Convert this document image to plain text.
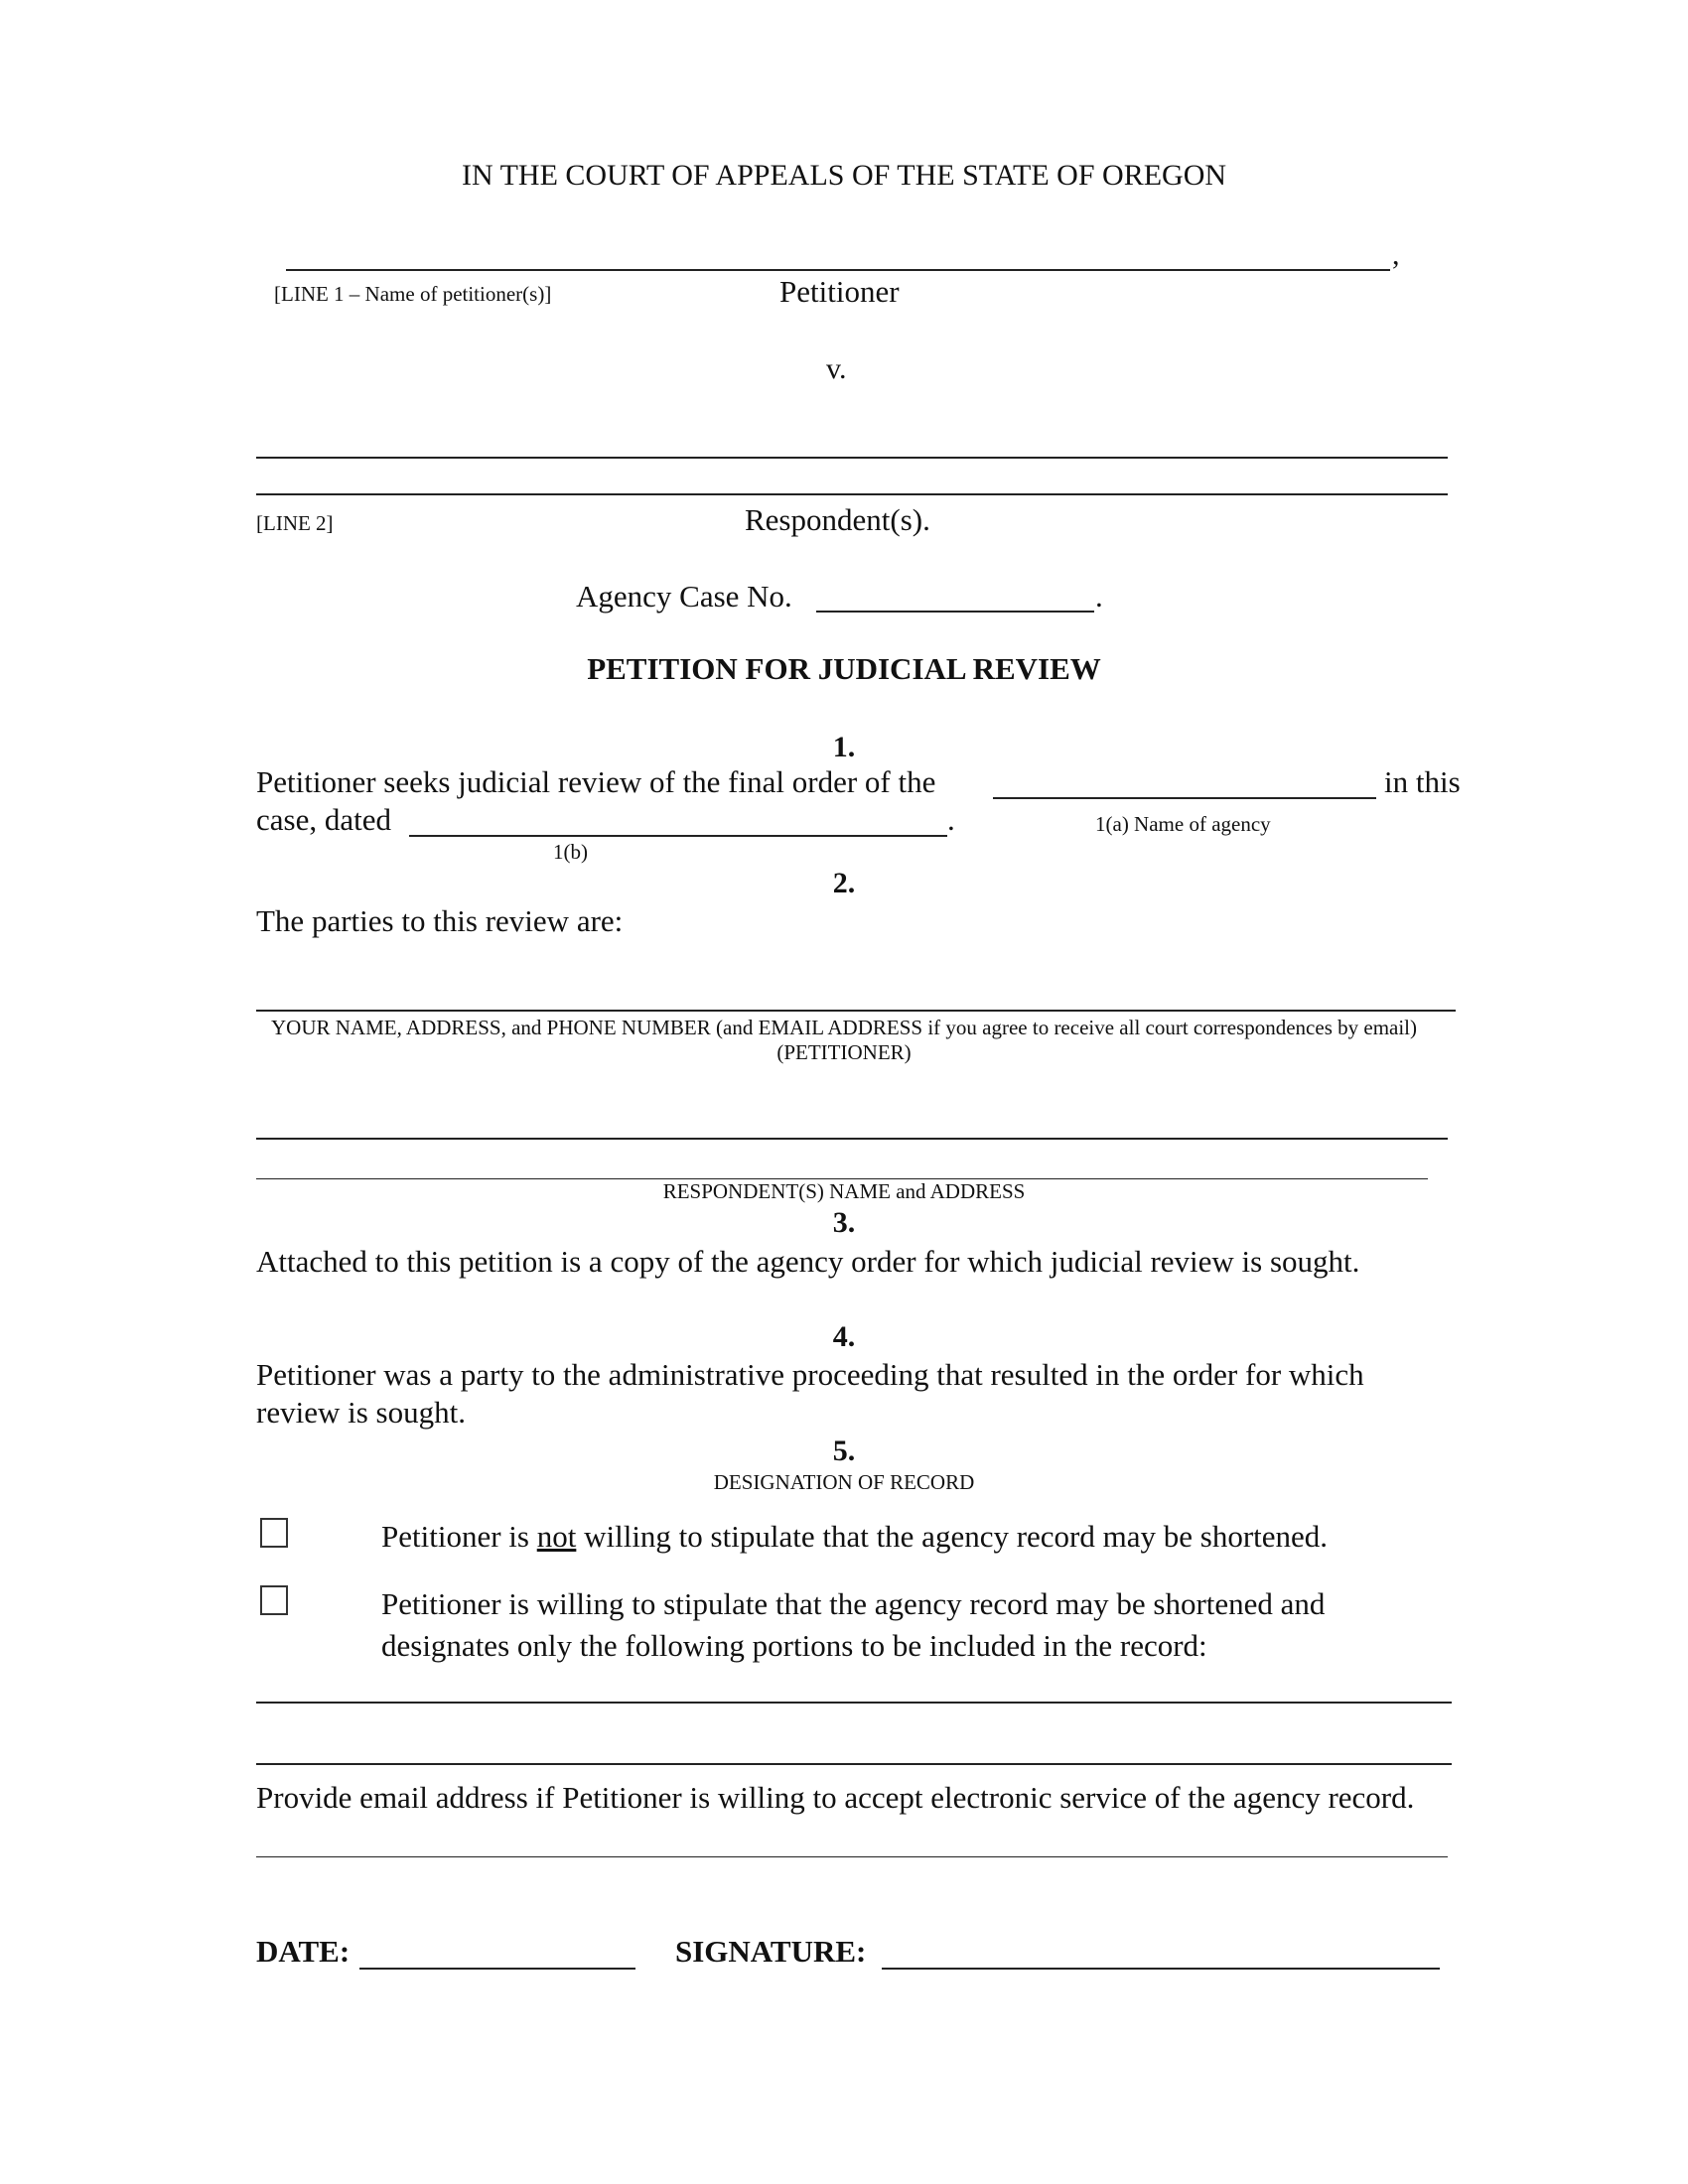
IN THE COURT OF APPEALS OF THE STATE OF OREGON
,
[LINE 1 – Name of petitioner(s)]	Petitioner
v.
[LINE 2]	Respondent(s).
Agency Case No.	.
PETITION FOR JUDICIAL REVIEW
1.
Petitioner seeks judicial review of the final order of the	in this
case, dated	.	1(a) Name of agency
1(b)
2.
The parties to this review are:
YOUR NAME, ADDRESS, and PHONE NUMBER (and EMAIL ADDRESS if you agree to receive all court correspondences by email)
(PETITIONER)
RESPONDENT(S) NAME and ADDRESS
3.
Attached to this petition is a copy of the agency order for which judicial review is sought.
4.
Petitioner was a party to the administrative proceeding that resulted in the order for which
review is sought.
5.
DESIGNATION OF RECORD
Petitioner is not willing to stipulate that the agency record may be shortened.
Petitioner is willing to stipulate that the agency record may be shortened and
designates only the following portions to be included in the record:
Provide email address if Petitioner is willing to accept electronic service of the agency record.
DATE:	SIGNATURE:
